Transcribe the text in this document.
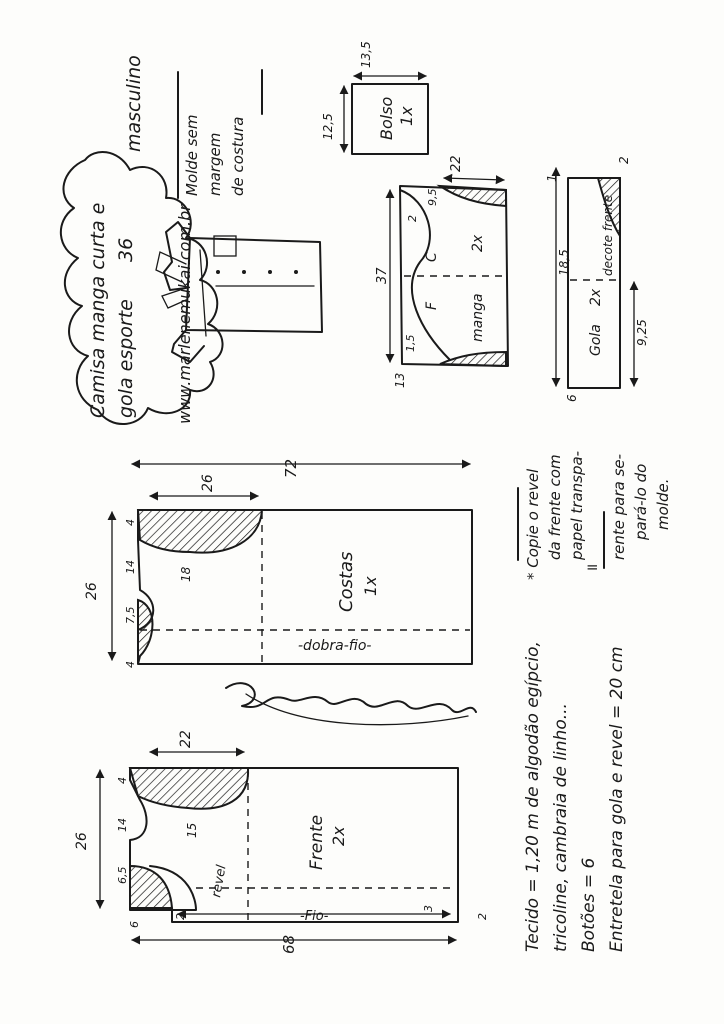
Camisa manga curta e gola esporte
36
masculino
www.marlenemukai.com.br
Molde sem margem de costura	12,5
13,5
Bolso 1x
37
22
9,5
2
1,5
13
C
F
2x
manga
18,5
9,25
2
1
6
decote frente
Gola
2x
72
26
26
14
4
7,5
4
18	Costas 1x
-dobra-fio-
68
22
26
14
4
6,5
6
2
3
2
15	Frente 2x
revel
-Fio-	Tecido = 1,20 m de algodão egípcio, tricoline, cambraia de linho... Botões = 6 Entretela para gola e revel = 20 cm
* Copie o revel da frente com papel transpa- rente para se- pará-lo do molde.
=
